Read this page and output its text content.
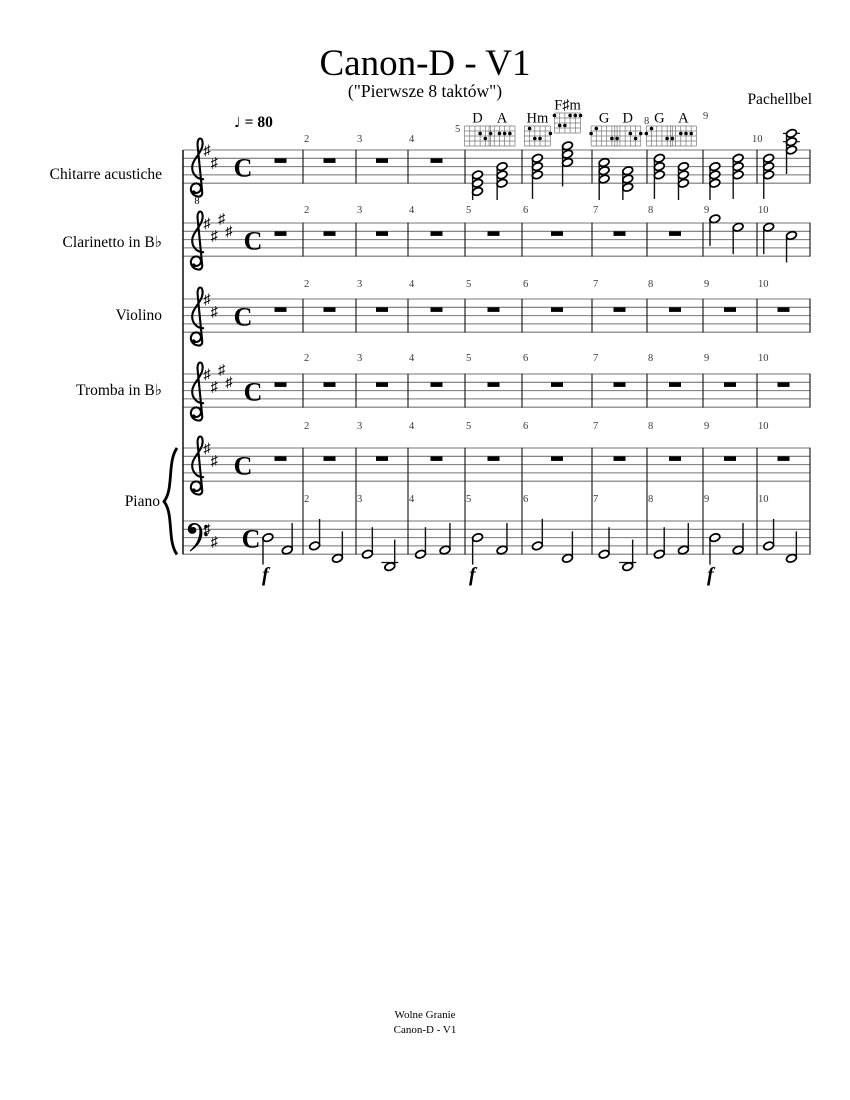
Canon-D - V1
("Pierwsze 8 taktów")	Pachellbel
♩ = 80
Chitarre acustiche
Clarinetto in B♭
Violino
Tromba in B♭
Piano
8
♯
♯ C
♯
♯
♯
♯ C
♯
♯ C
♯
♯
♯
♯ C
♯
♯ C
♯
♯ C
2	3	4	5	6	7	8	9	10
2	3	4	5	6	7	8	9	10
2	3	4	5	6	7	8	9	10
2	3	4	5	6	7	8	9	10
2	3	4	5	6	7	8	9	10
2	3	4
5
8	9
10
D A Hm
F♯m
G D G A
f	f	f
Wolne Granie
Canon-D - V1
